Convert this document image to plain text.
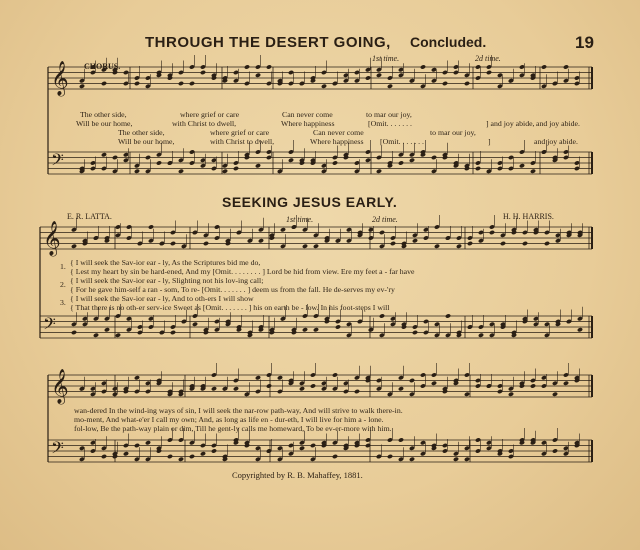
𝄞
𝄢
𝄞
𝄢
𝄞
𝄢
THROUGH THE DESERT GOING, Concluded.	19
CHORUS.
1st time.	2d time.
The other side,	where grief or care	Can never come	to mar our joy,
Will be our home,	with Christ to dwell,	Where happiness	[Omit. . . . . . .	] and joy abide, and joy abide.
The other side,	where grief or care	Can never come	to mar our joy,
Will be our home,	with Christ to dwell,	Where happiness [Omit. . . . . . .	]	and joy abide.
SEEKING JESUS EARLY.
E. R. LATTA.	H. H. HARRIS.
1st time.	2d time.
1.
2.
3.
{ I will seek the Sav-ior ear - ly, As the Scriptures bid me do,
{ Lest my heart by sin be hard-ened, And my [Omit. . . . . . . . ] Lord be hid from view. Ere my feet a - far have
{ I will seek the Sav-ior ear - ly, Slighting not his lov-ing call;
{ For he gave him-self a ran - som, To re- [Omit. . . . . . . ] deem us from the fall. He de-serves my ev-'ry
{ I will seek the Sav-ior ear - ly, And to oth-ers I will show
{ That there is no oth-er serv-ice Sweet as [Omit. . . . . . . ] his on earth be - low. In his foot-steps I will
wan-dered In the wind-ing ways of sin, I will seek the nar-row path-way, And will strive to walk there-in.
mo-ment, And what-e'er I call my own; And, as long as life en - dur-eth, I will live for him a - lone.
fol-low, Be the path-way plain or dim, Till he gent-ly calls me homeward, To be ev-er-more with him.
Copyrighted by R. B. Mahaffey, 1881.
